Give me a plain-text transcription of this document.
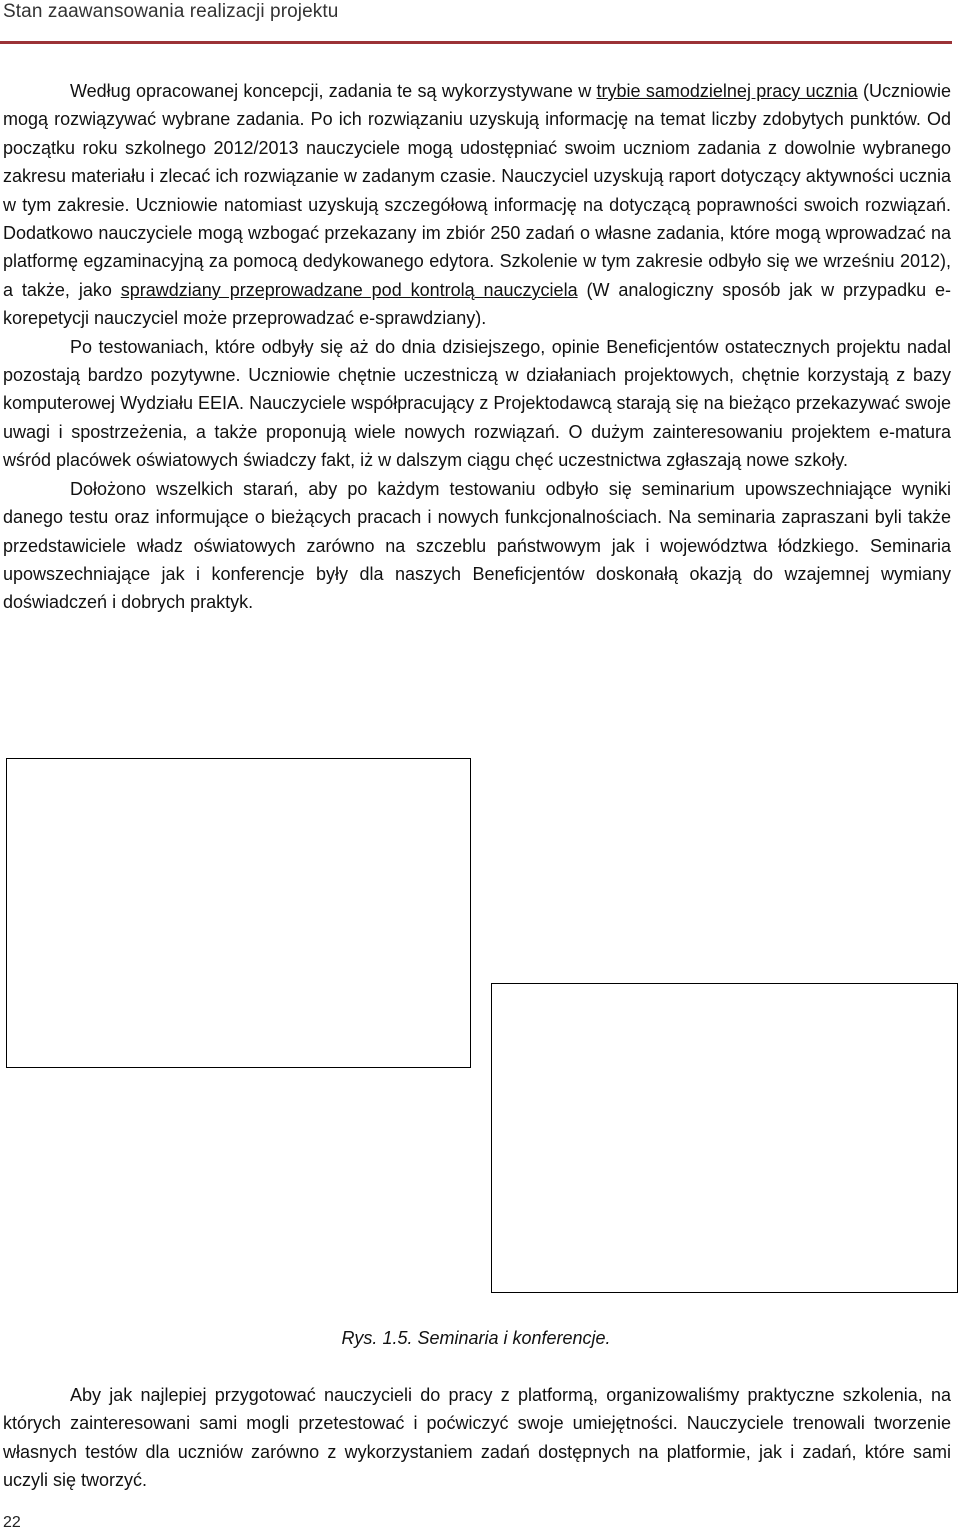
Stan zaawansowania realizacji projektu

Według opracowanej koncepcji, zadania te są wykorzystywane w trybie samodzielnej pracy ucznia (Uczniowie mogą rozwiązywać wybrane zadania. Po ich rozwiązaniu uzyskują informację na temat liczby zdobytych punktów. Od początku roku szkolnego 2012/2013 nauczyciele mogą udostępniać swoim uczniom zadania z dowolnie wybranego zakresu materiału i zlecać ich rozwiązanie w zadanym czasie. Nauczyciel uzyskują raport dotyczący aktywności ucznia w tym zakresie. Uczniowie natomiast uzyskują szczegółową informację na dotyczącą poprawności swoich rozwiązań. Dodatkowo nauczyciele mogą wzbogać przekazany im zbiór 250 zadań o własne zadania, które mogą wprowadzać na platformę egzaminacyjną za pomocą dedykowanego edytora. Szkolenie w tym zakresie odbyło się we wrześniu 2012), a także, jako sprawdziany przeprowadzane pod kontrolą nauczyciela (W analogiczny sposób jak w przypadku e-korepetycji nauczyciel może przeprowadzać e-sprawdziany).

Po testowaniach, które odbyły się aż do dnia dzisiejszego, opinie Beneficjentów ostatecznych projektu nadal pozostają bardzo pozytywne. Uczniowie chętnie uczestniczą w działaniach projektowych, chętnie korzystają z bazy komputerowej Wydziału EEIA. Nauczyciele współpracujący z Projektodawcą starają się na bieżąco przekazywać swoje uwagi i spostrzeżenia, a także proponują wiele nowych rozwiązań. O dużym zainteresowaniu projektem e-matura wśród placówek oświatowych świadczy fakt, iż w dalszym ciągu chęć uczestnictwa zgłaszają nowe szkoły.

Dołożono wszelkich starań, aby po każdym testowaniu odbyło się seminarium upowszechniające wyniki danego testu oraz informujące o bieżących pracach i nowych funkcjonalnościach. Na seminaria zapraszani byli także przedstawiciele władz oświatowych zarówno na szczeblu państwowym jak i województwa łódzkiego. Seminaria upowszechniające jak i konferencje były dla naszych Beneficjentów doskonałą okazją do wzajemnej wymiany doświadczeń i dobrych praktyk.

Rys. 1.5. Seminaria i konferencje.

Aby jak najlepiej przygotować nauczycieli do pracy z platformą, organizowaliśmy praktyczne szkolenia, na których zainteresowani sami mogli przetestować i poćwiczyć swoje umiejętności. Nauczyciele trenowali tworzenie własnych testów dla uczniów zarówno z wykorzystaniem zadań dostępnych na platformie, jak i zadań, które sami uczyli się tworzyć.

22
